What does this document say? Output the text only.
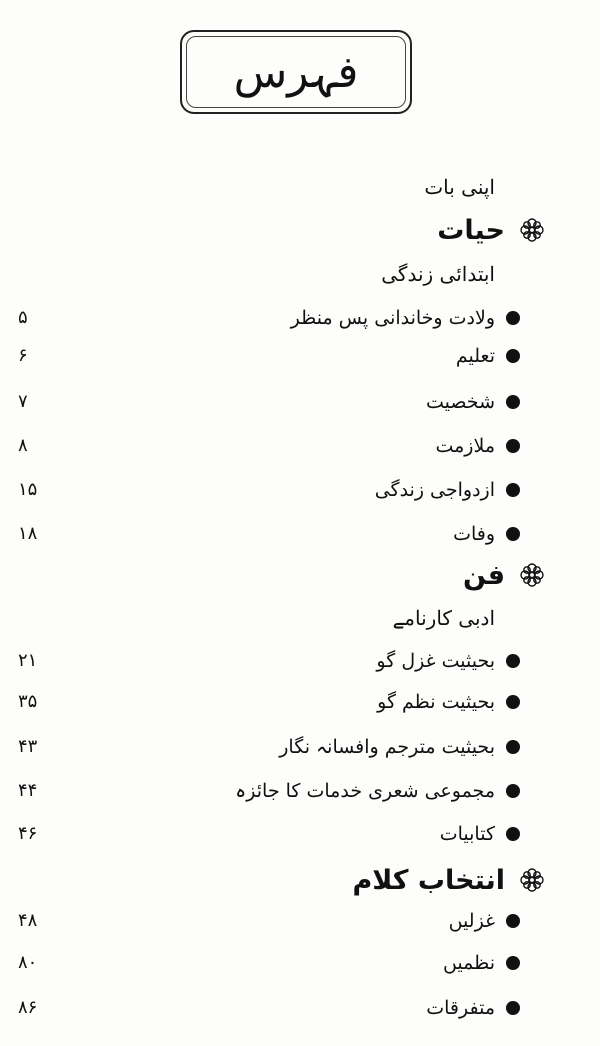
فہرس
اپنی بات
حیات
ابتدائی زندگی
ولادت وخاندانی پس منظر
۵
تعلیم
۶
شخصیت
۷
ملازمت
۸
ازدواجی زندگی
۱۵
وفات
۱۸
فن
ادبی کارنامے
بحیثیت غزل گو
۲۱
بحیثیت نظم گو
۳۵
بحیثیت مترجم وافسانہ نگار
۴۳
مجموعی شعری خدمات کا جائزہ
۴۴
کتابیات
۴۶
انتخاب کلام
غزلیں
۴۸
نظمیں
۸۰
متفرقات
۸۶
